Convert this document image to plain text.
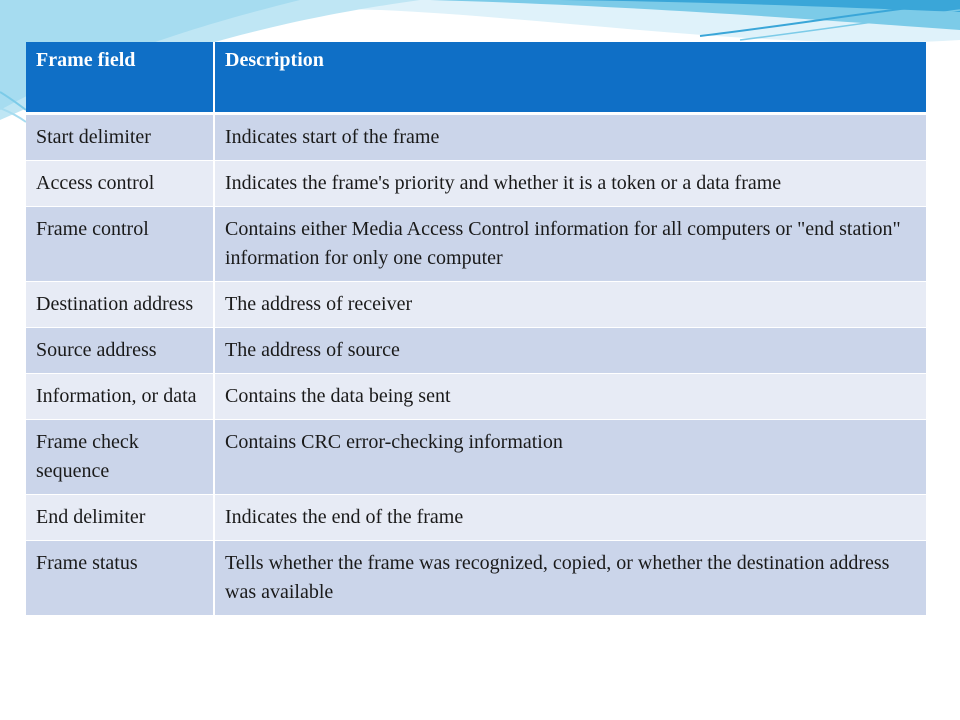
Frame field	Description
Start delimiter	Indicates start of the frame
Access control	Indicates the frame's priority and whether it is a token or a data frame
Frame control	Contains either Media Access Control information for all computers or "end station" information for only one computer
Destination address	The address of receiver
Source address	The address of source
Information, or data	Contains the data being sent
Frame check sequence	Contains CRC error-checking information
End delimiter	Indicates the end of the frame
Frame status	Tells whether the frame was recognized, copied, or whether the destination address was available
